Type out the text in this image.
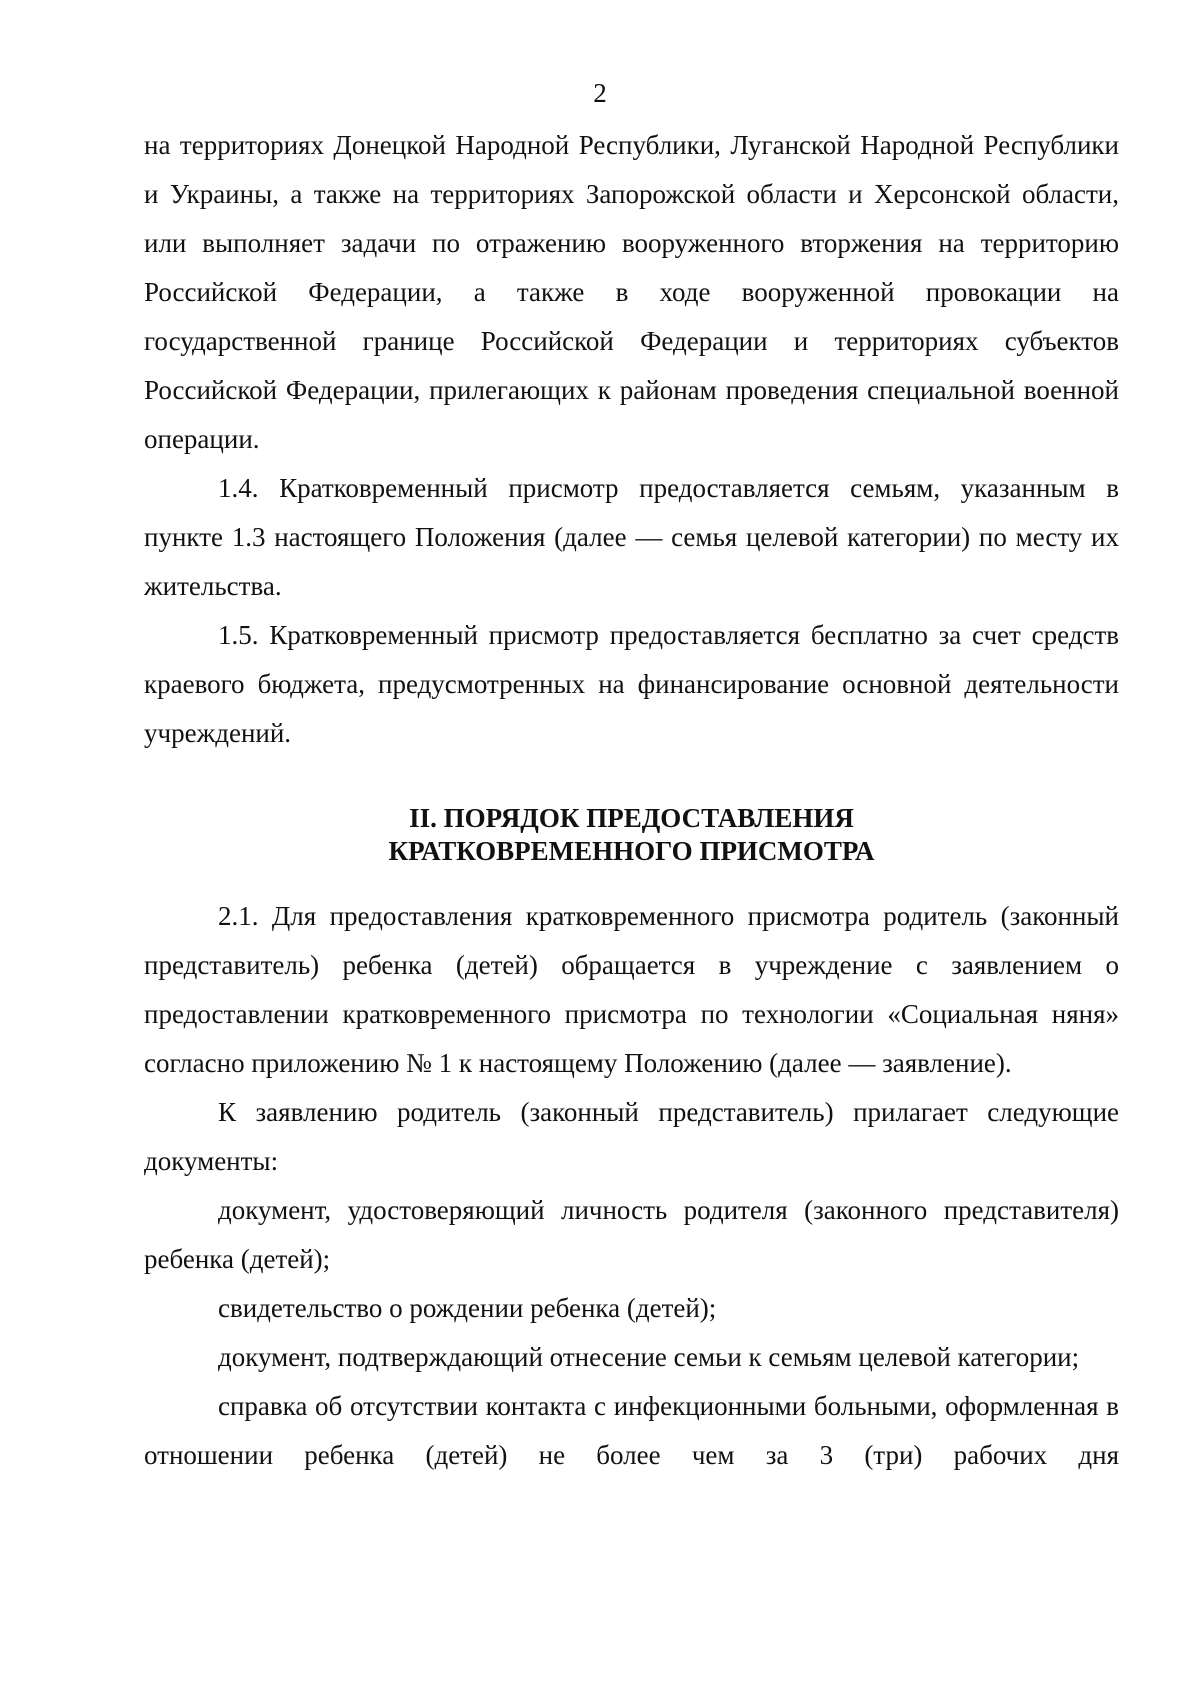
2

на территориях Донецкой Народной Республики, Луганской Народной Республики и Украины, а также на территориях Запорожской области и Херсонской области, или выполняет задачи по отражению вооруженного вторжения на территорию Российской Федерации, а также в ходе вооруженной провокации на государственной границе Российской Федерации и территориях субъектов Российской Федерации, прилегающих к районам проведения специальной военной операции.

1.4. Кратковременный присмотр предоставляется семьям, указанным в пункте 1.3 настоящего Положения (далее — семья целевой категории) по месту их жительства.

1.5. Кратковременный присмотр предоставляется бесплатно за счет средств краевого бюджета, предусмотренных на финансирование основной деятельности учреждений.

II. ПОРЯДОК ПРЕДОСТАВЛЕНИЯ
КРАТКОВРЕМЕННОГО ПРИСМОТРА

2.1. Для предоставления кратковременного присмотра родитель (законный представитель) ребенка (детей) обращается в учреждение с заявлением о предоставлении кратковременного присмотра по технологии «Социальная няня» согласно приложению № 1 к настоящему Положению (далее — заявление).

К заявлению родитель (законный представитель) прилагает следующие документы:

документ, удостоверяющий личность родителя (законного представителя) ребенка (детей);

свидетельство о рождении ребенка (детей);

документ, подтверждающий отнесение семьи к семьям целевой категории;

справка об отсутствии контакта с инфекционными больными, оформленная в отношении ребенка (детей) не более чем за 3 (три) рабочих дня
